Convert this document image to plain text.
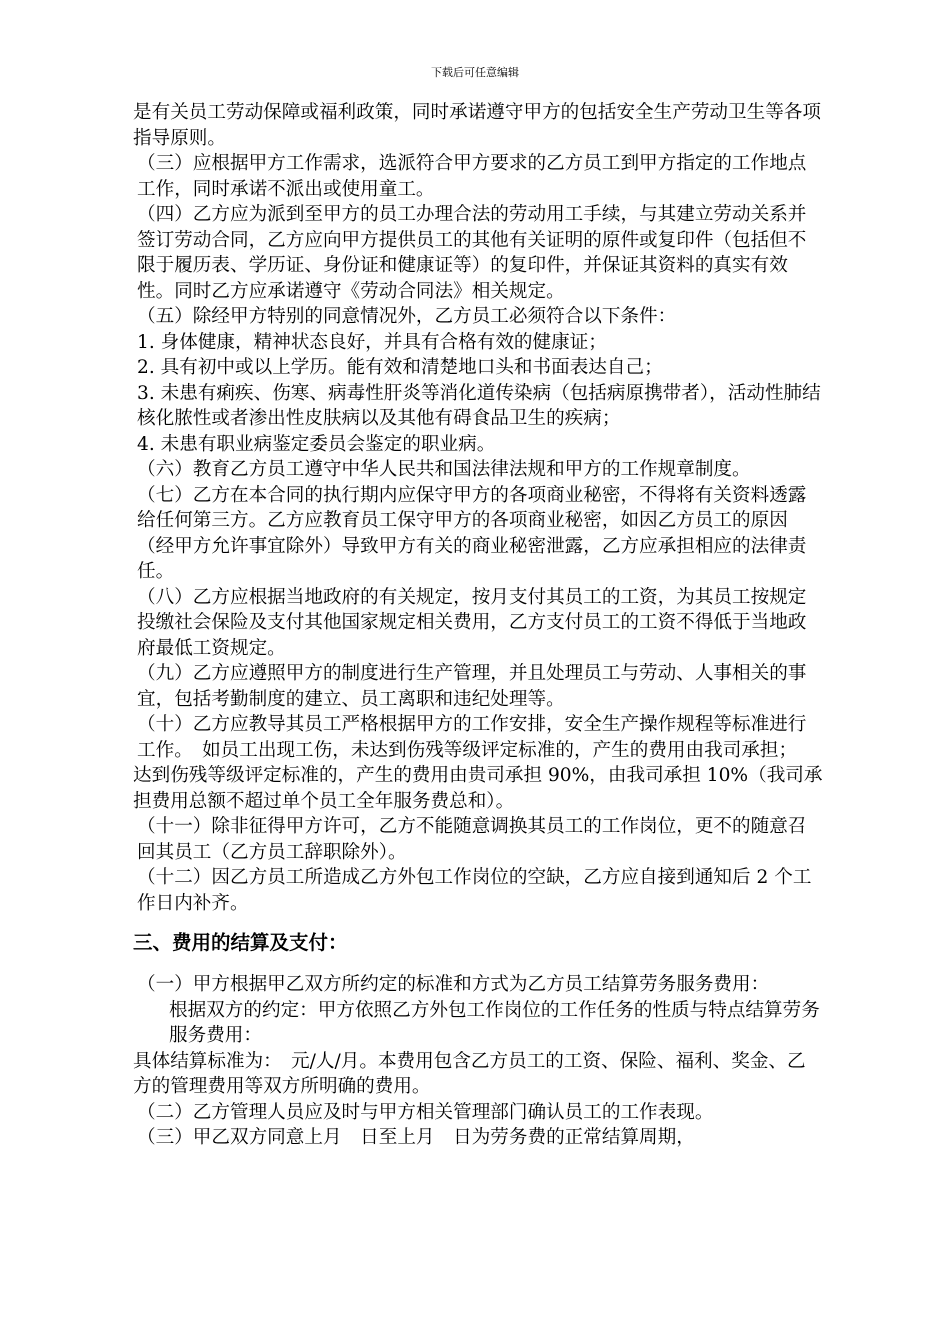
下载后可任意编辑

是有关员工劳动保障或福利政策，同时承诺遵守甲方的包括安全生产劳动卫生等各项指导原则。

（三）应根据甲方工作需求，选派符合甲方要求的乙方员工到甲方指定的工作地点工作，同时承诺不派出或使用童工。

（四）乙方应为派到至甲方的员工办理合法的劳动用工手续，与其建立劳动关系并签订劳动合同，乙方应向甲方提供员工的其他有关证明的原件或复印件（包括但不限于履历表、学历证、身份证和健康证等）的复印件，并保证其资料的真实有效性。同时乙方应承诺遵守《劳动合同法》相关规定。

（五）除经甲方特别的同意情况外，乙方员工必须符合以下条件：

1. 身体健康，精神状态良好，并具有合格有效的健康证；

2. 具有初中或以上学历。能有效和清楚地口头和书面表达自己；

3. 未患有痢疾、伤寒、病毒性肝炎等消化道传染病（包括病原携带者），活动性肺结核化脓性或者渗出性皮肤病以及其他有碍食品卫生的疾病；

4. 未患有职业病鉴定委员会鉴定的职业病。

（六）教育乙方员工遵守中华人民共和国法律法规和甲方的工作规章制度。

（七）乙方在本合同的执行期内应保守甲方的各项商业秘密，不得将有关资料透露给任何第三方。乙方应教育员工保守甲方的各项商业秘密，如因乙方员工的原因（经甲方允许事宜除外）导致甲方有关的商业秘密泄露，乙方应承担相应的法律责任。

（八）乙方应根据当地政府的有关规定，按月支付其员工的工资，为其员工按规定投缴社会保险及支付其他国家规定相关费用，乙方支付员工的工资不得低于当地政府最低工资规定。

（九）乙方应遵照甲方的制度进行生产管理，并且处理员工与劳动、人事相关的事宜，包括考勤制度的建立、员工离职和违纪处理等。

（十）乙方应教导其员工严格根据甲方的工作安排，安全生产操作规程等标准进行工作。　如员工出现工伤，未达到伤残等级评定标准的，产生的费用由我司承担；

达到伤残等级评定标准的，产生的费用由贵司承担 90%，由我司承担 10%（我司承担费用总额不超过单个员工全年服务费总和）。

（十一）除非征得甲方许可，乙方不能随意调换其员工的工作岗位，更不的随意召回其员工（乙方员工辞职除外）。

（十二）因乙方员工所造成乙方外包工作岗位的空缺，乙方应自接到通知后 2 个工作日内补齐。

三、费用的结算及支付：

（一）甲方根据甲乙双方所约定的标准和方式为乙方员工结算劳务服务费用：

根据双方的约定：甲方依照乙方外包工作岗位的工作任务的性质与特点结算劳务服务费用：

具体结算标准为：　元/人/月。本费用包含乙方员工的工资、保险、福利、奖金、乙方的管理费用等双方所明确的费用。

（二）乙方管理人员应及时与甲方相关管理部门确认员工的工作表现。

（三）甲乙双方同意上月　日至上月　日为劳务费的正常结算周期，
